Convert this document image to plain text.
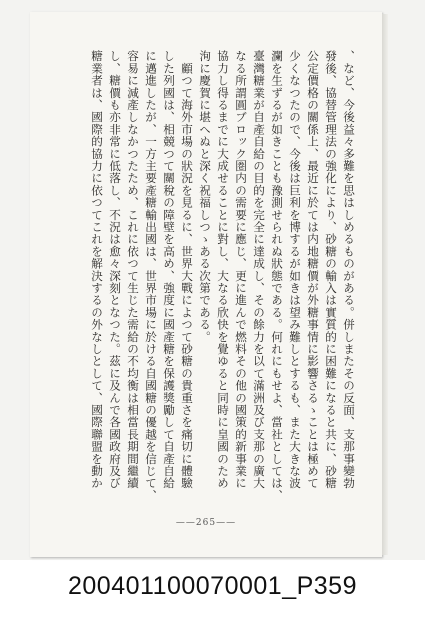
、など、今後益々多難を思はしめるものがある。併しまたその反面、支那事變勃
發後、協替管理法の強化により、砂糖の輸入は實質的に困難になると共に、砂糖
公定價格の關係上、最近に於ては内地糖價が外糖事情に影響さるゝことは極めて
少くなつたので、今後は巨利を博するが如きは望み難しとするも、また大きな波
瀾を生ずるが如きことも豫測せられぬ狀態である。何れにもせよ、當社としては、
臺灣糖業が自產自給の目的を完全に達成し、その餘力を以て滿洲及び支那の廣大
なる所謂圓ブロック圏内の需要に應じ、更に進んで燃料その他の國策的新事業に
協力し得るまでに大成せることに對し、大なる欣快を覺ゆると同時に皇國のため
洵に慶賀に堪へぬと深く祝福しつゝある次第である。
　顧つて海外市場の狀況を見るに、世界大戰によつて砂糖の貴重さを痛切に體驗
した列國は、相競つて關稅の障壁を高め、強度に國產糖を保護獎勵して自產自給
に邁進したが、一方主要產糖輸出國は、世界市場に於ける自國糖の優越を信じて、
容易に減產しなかつたため、これに依つて生じた需給の不均衡は相當長期間繼續
し、糖價も亦非常に低落し、不況は愈々深刻となつた。茲に及んで各國政府及び
糖業者は、國際的協力に依つてこれを解決するの外なしとして、國際聯盟を動か
——265——
200401100070001_P359
